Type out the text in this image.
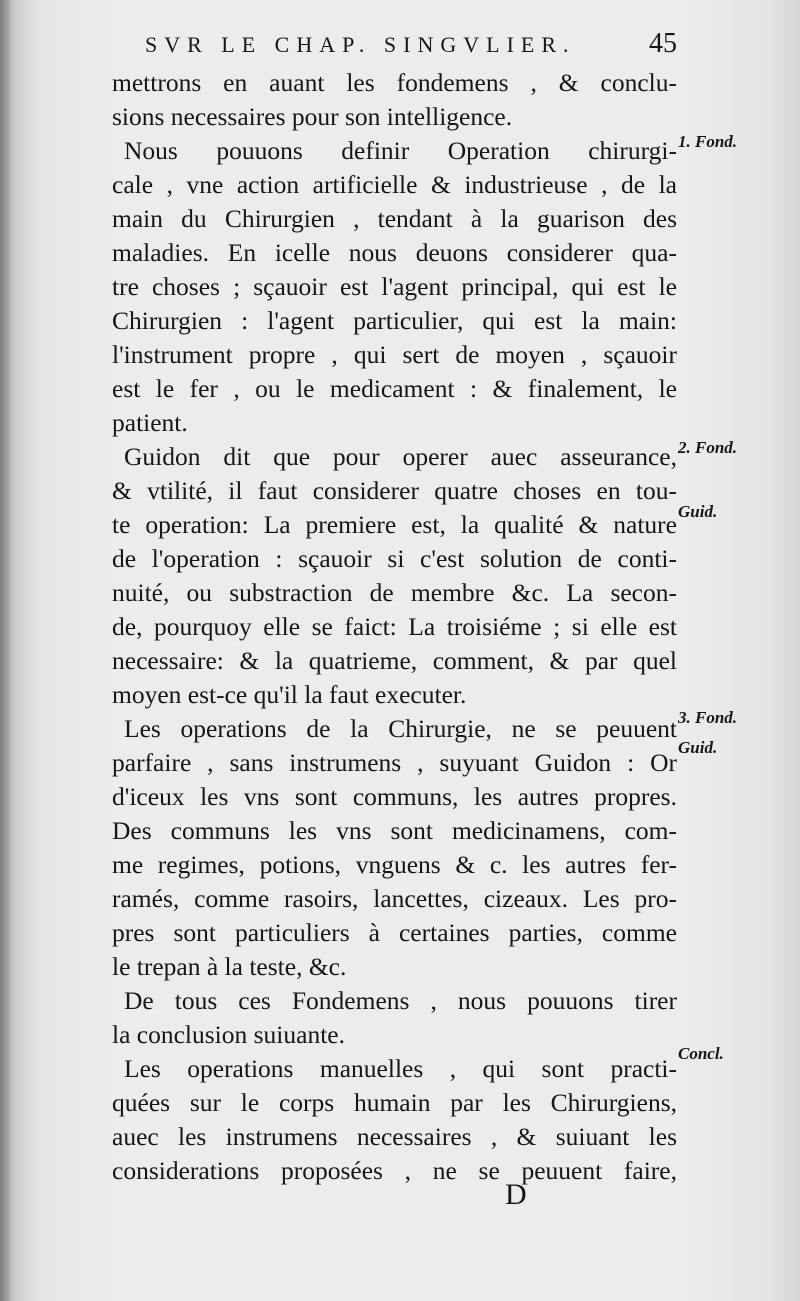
SVR LE CHAP. SINGVLIER.	45
mettrons en auant les fondemens , & conclu-
sions necessaires pour son intelligence.
Nous pouuons definir Operation chirurgi-
cale , vne action artificielle & industrieuse , de la
main du Chirurgien , tendant à la guarison des
maladies. En icelle nous deuons considerer qua-
tre choses ; sçauoir est l'agent principal, qui est le
Chirurgien : l'agent particulier, qui est la main:
l'instrument propre , qui sert de moyen , sçauoir
est le fer , ou le medicament : & finalement, le
patient.
Guidon dit que pour operer auec asseurance,
& vtilité, il faut considerer quatre choses en tou-
te operation: La premiere est, la qualité & nature
de l'operation : sçauoir si c'est solution de conti-
nuité, ou substraction de membre &c. La secon-
de, pourquoy elle se faict: La troisiéme ; si elle est
necessaire: & la quatrieme, comment, & par quel
moyen est-ce qu'il la faut executer.
Les operations de la Chirurgie, ne se peuuent
parfaire , sans instrumens , suyuant Guidon : Or
d'iceux les vns sont communs, les autres propres.
Des communs les vns sont medicinamens, com-
me regimes, potions, vnguens & c. les autres fer-
ramés, comme rasoirs, lancettes, cizeaux. Les pro-
pres sont particuliers à certaines parties, comme
le trepan à la teste, &c.
De tous ces Fondemens , nous pouuons tirer
la conclusion suiuante.
Les operations manuelles , qui sont practi-
quées sur le corps humain par les Chirurgiens,
auec les instrumens necessaires , & suiuant les
considerations proposées , ne se peuuent faire,
1. Fond.
2. Fond.
Guid.
3. Fond.
Guid.
Concl.
D
